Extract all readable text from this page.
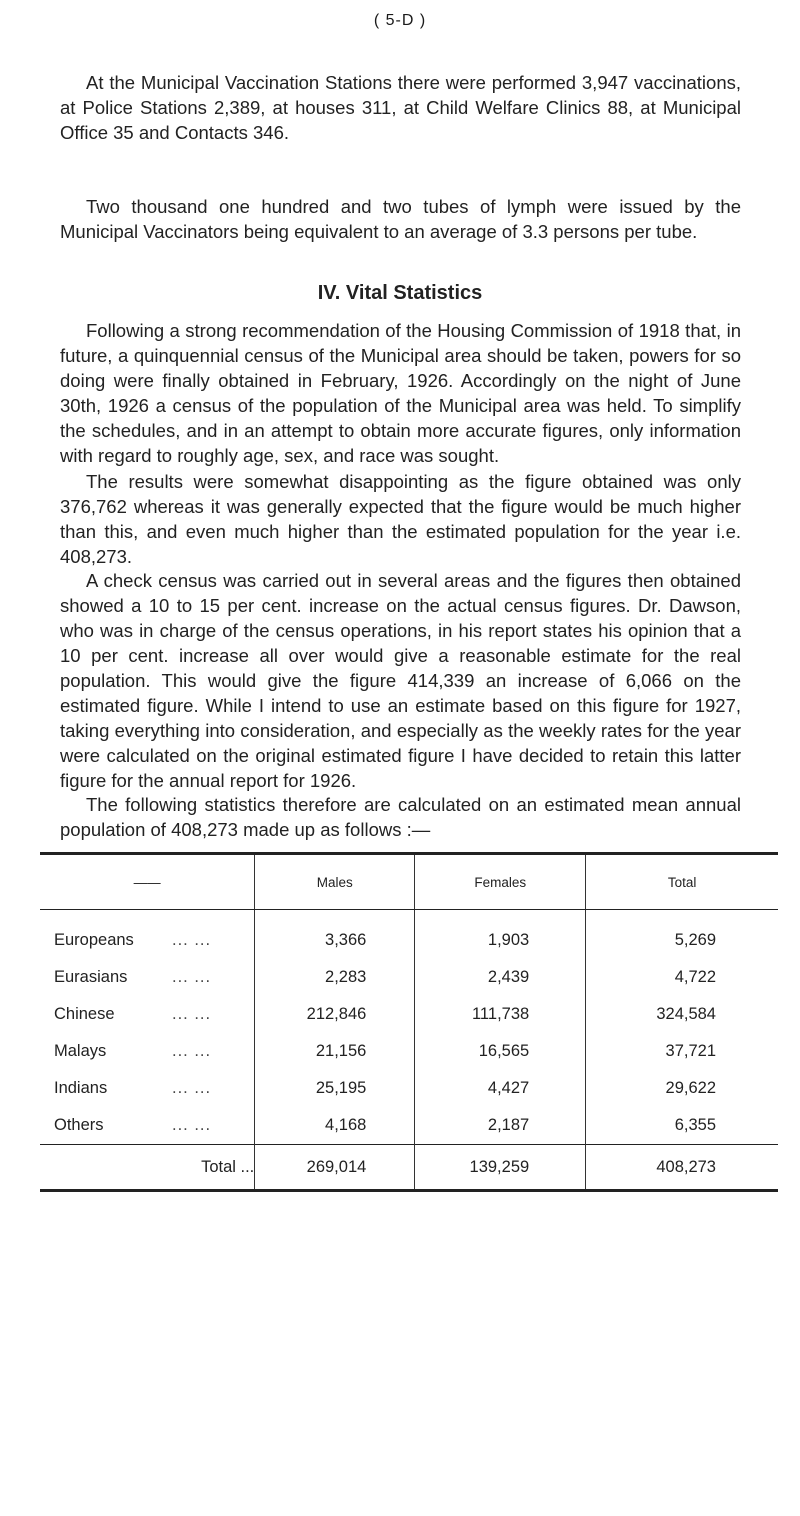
( 5-D )

At the Municipal Vaccination Stations there were performed 3,947 vaccinations, at Police Stations 2,389, at houses 311, at Child Welfare Clinics 88, at Municipal Office 35 and Contacts 346.

Two thousand one hundred and two tubes of lymph were issued by the Municipal Vaccinators being equivalent to an average of 3.3 persons per tube.

IV. Vital Statistics

Following a strong recommendation of the Housing Commission of 1918 that, in future, a quinquennial census of the Municipal area should be taken, powers for so doing were finally obtained in February, 1926. Accordingly on the night of June 30th, 1926 a census of the population of the Municipal area was held. To simplify the schedules, and in an attempt to obtain more accurate figures, only information with regard to roughly age, sex, and race was sought.

The results were somewhat disappointing as the figure obtained was only 376,762 whereas it was generally expected that the figure would be much higher than this, and even much higher than the estimated population for the year i.e. 408,273.

A check census was carried out in several areas and the figures then obtained showed a 10 to 15 per cent. increase on the actual census figures. Dr. Dawson, who was in charge of the census operations, in his report states his opinion that a 10 per cent. increase all over would give a reasonable estimate for the real population. This would give the figure 414,339 an increase of 6,066 on the estimated figure. While I intend to use an estimate based on this figure for 1927, taking everything into consideration, and especially as the weekly rates for the year were calculated on the original estimated figure I have decided to retain this latter figure for the annual report for 1926.

The following statistics therefore are calculated on an estimated mean annual population of 408,273 made up as follows :—

——	Males	Females	Total

Europeans ... ...	3,366	1,903	5,269

Eurasians ... ...	2,283	2,439	4,722

Chinese ... ...	212,846	111,738	324,584

Malays ... ...	21,156	16,565	37,721

Indians ... ...	25,195	4,427	29,622

Others ... ...	4,168	2,187	6,355
Total ...	269,014	139,259	408,273
